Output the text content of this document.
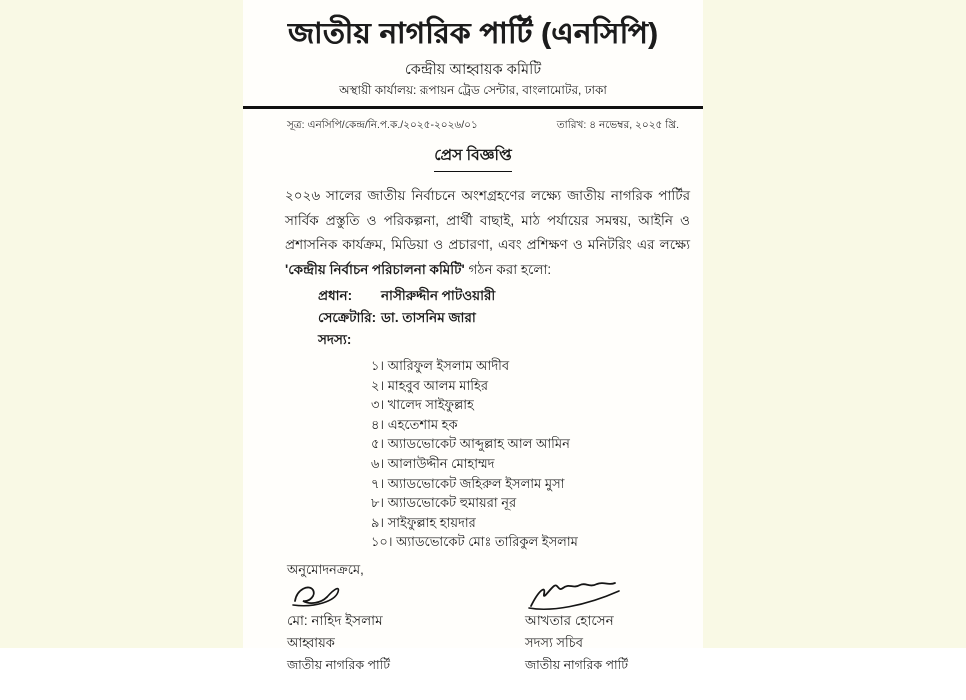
জাতীয় নাগরিক পার্টি (এনসিপি)
কেন্দ্রীয় আহ্বায়ক কমিটি
অস্থায়ী কার্যালয়: রূপায়ন ট্রেড সেন্টার, বাংলামোটর, ঢাকা
সূত্র: এনসিপি/কেন্দ্র/নি.প.ক./২০২৫-২০২৬/০১	তারিখ: ৪ নভেম্বর, ২০২৫ খ্রি.
প্রেস বিজ্ঞপ্তি

২০২৬ সালের জাতীয় নির্বাচনে অংশগ্রহণের লক্ষ্যে জাতীয় নাগরিক পার্টির সার্বিক প্রস্তুতি ও পরিকল্পনা, প্রার্থী বাছাই, মাঠ পর্যায়ের সমন্বয়, আইনি ও প্রশাসনিক কার্যক্রম, মিডিয়া ও প্রচারণা, এবং প্রশিক্ষণ ও মনিটরিং এর লক্ষ্যে 'কেন্দ্রীয় নির্বাচন পরিচালনা কমিটি' গঠন করা হলো:

প্রধান:	নাসীরুদ্দীন পাটওয়ারী
সেক্রেটারি: ডা. তাসনিম জারা
সদস্য:
১। আরিফুল ইসলাম আদীব
২। মাহবুব আলম মাহির
৩। খালেদ সাইফুল্লাহ
৪। এহতেশাম হক
৫। অ্যাডভোকেট আব্দুল্লাহ আল আমিন
৬। আলাউদ্দীন মোহাম্মদ
৭। অ্যাডভোকেট জহিরুল ইসলাম মুসা
৮। অ্যাডভোকেট হুমায়রা নূর
৯। সাইফুল্লাহ হায়দার
১০। অ্যাডভোকেট মোঃ তারিকুল ইসলাম
অনুমোদনক্রমে,
মো: নাহিদ ইসলাম
আহ্বায়ক
জাতীয় নাগরিক পার্টি
আখতার হোসেন
সদস্য সচিব
জাতীয় নাগরিক পার্টি
